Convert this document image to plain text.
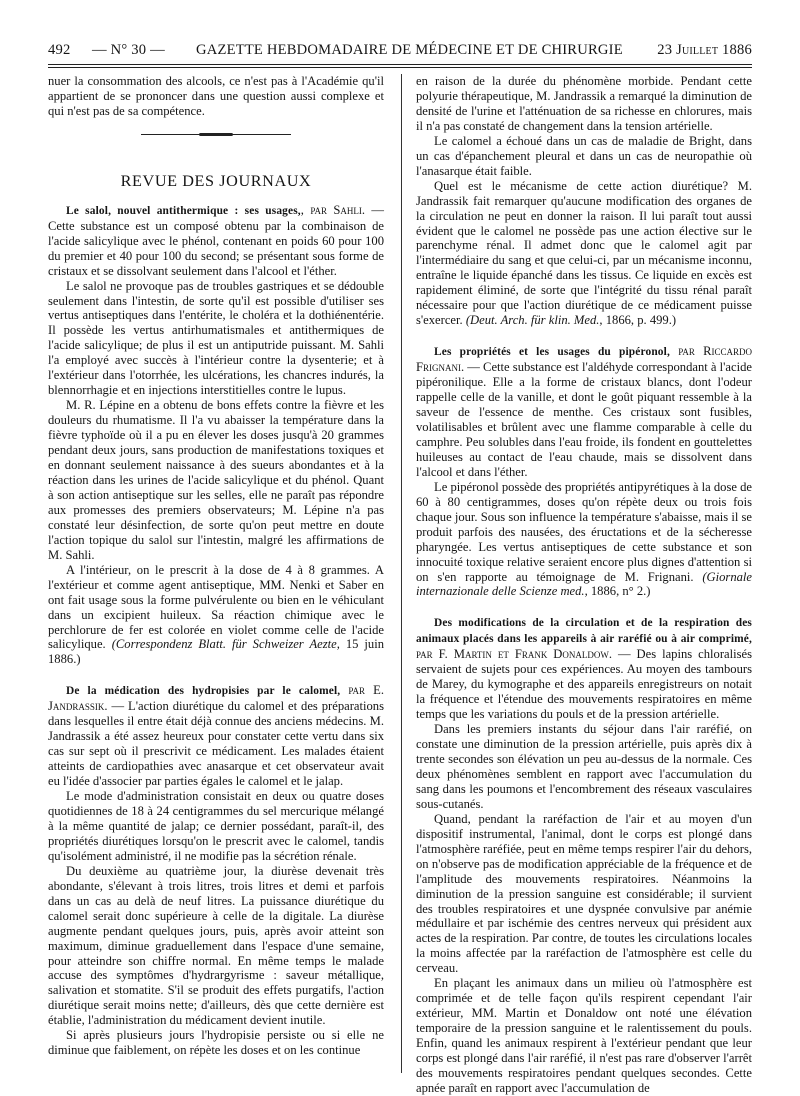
492 — N° 30 — GAZETTE HEBDOMADAIRE DE MÉDECINE ET DE CHIRURGIE 23 Juillet 1886

nuer la consommation des alcools, ce n'est pas à l'Académie qu'il appartient de se prononcer dans une question aussi complexe et qui n'est pas de sa compétence.

REVUE DES JOURNAUX

Le salol, nouvel antithermique : ses usages,, par Sahli. — Cette substance est un composé obtenu par la combinaison de l'acide salicylique avec le phénol, contenant en poids 60 pour 100 du premier et 40 pour 100 du second; se présentant sous forme de cristaux et se dissolvant seulement dans l'alcool et l'éther.

Le salol ne provoque pas de troubles gastriques et se dédouble seulement dans l'intestin, de sorte qu'il est possible d'utiliser ses vertus antiseptiques dans l'entérite, le choléra et la dothiénentérie. Il possède les vertus antirhumatismales et antithermiques de l'acide salicylique; de plus il est un antiputride puissant. M. Sahli l'a employé avec succès à l'intérieur contre la dysenterie; et à l'extérieur dans l'otorrhée, les ulcérations, les chancres indurés, la blennorrhagie et en injections interstitielles contre le lupus.

M. R. Lépine en a obtenu de bons effets contre la fièvre et les douleurs du rhumatisme. Il l'a vu abaisser la température dans la fièvre typhoïde où il a pu en élever les doses jusqu'à 20 grammes pendant deux jours, sans production de manifestations toxiques et en donnant seulement naissance à des sueurs abondantes et à la réaction dans les urines de l'acide salicylique et du phénol. Quant à son action antiseptique sur les selles, elle ne paraît pas répondre aux promesses des premiers observateurs; M. Lépine n'a pas constaté leur désinfection, de sorte qu'on peut mettre en doute l'action topique du salol sur l'intestin, malgré les affirmations de M. Sahli.

A l'intérieur, on le prescrit à la dose de 4 à 8 grammes. A l'extérieur et comme agent antiseptique, MM. Nenki et Saber en ont fait usage sous la forme pulvérulente ou bien en le véhiculant dans un excipient huileux. Sa réaction chimique avec le perchlorure de fer est colorée en violet comme celle de l'acide salicylique. (Correspondenz Blatt. für Schweizer Aezte, 15 juin 1886.)

De la médication des hydropisies par le calomel, par E. Jandrassik. — L'action diurétique du calomel et des préparations dans lesquelles il entre était déjà connue des anciens médecins. M. Jandrassik a été assez heureux pour constater cette vertu dans six cas sur sept où il prescrivit ce médicament. Les malades étaient atteints de cardiopathies avec anasarque et cet observateur avait eu l'idée d'associer par parties égales le calomel et le jalap.

Le mode d'administration consistait en deux ou quatre doses quotidiennes de 18 à 24 centigrammes du sel mercurique mélangé à la même quantité de jalap; ce dernier possédant, paraît-il, des propriétés diurétiques lorsqu'on le prescrit avec le calomel, tandis qu'isolément administré, il ne modifie pas la sécrétion rénale.

Du deuxième au quatrième jour, la diurèse devenait très abondante, s'élevant à trois litres, trois litres et demi et parfois dans un cas au delà de neuf litres. La puissance diurétique du calomel serait donc supérieure à celle de la digitale. La diurèse augmente pendant quelques jours, puis, après avoir atteint son maximum, diminue graduellement dans l'espace d'une semaine, pour atteindre son chiffre normal. En même temps le malade accuse des symptômes d'hydrargyrisme : saveur métallique, salivation et stomatite. S'il se produit des effets purgatifs, l'action diurétique serait moins nette; d'ailleurs, dès que cette dernière est établie, l'administration du médicament devient inutile.

Si après plusieurs jours l'hydropisie persiste ou si elle ne diminue que faiblement, on répète les doses et on les continue

en raison de la durée du phénomène morbide. Pendant cette polyurie thérapeutique, M. Jandrassik a remarqué la diminution de densité de l'urine et l'atténuation de sa richesse en chlorures, mais il n'a pas constaté de changement dans la tension artérielle.

Le calomel a échoué dans un cas de maladie de Bright, dans un cas d'épanchement pleural et dans un cas de neuropathie où l'anasarque était faible.

Quel est le mécanisme de cette action diurétique? M. Jandrassik fait remarquer qu'aucune modification des organes de la circulation ne peut en donner la raison. Il lui paraît tout aussi évident que le calomel ne possède pas une action élective sur le parenchyme rénal. Il admet donc que le calomel agit par l'intermédiaire du sang et que celui-ci, par un mécanisme inconnu, entraîne le liquide épanché dans les tissus. Ce liquide en excès est rapidement éliminé, de sorte que l'intégrité du tissu rénal paraît nécessaire pour que l'action diurétique de ce médicament puisse s'exercer. (Deut. Arch. für klin. Med., 1866, p. 499.)

Les propriétés et les usages du pipéronol, par Riccardo Frignani. — Cette substance est l'aldéhyde correspondant à l'acide pipéronilique. Elle a la forme de cristaux blancs, dont l'odeur rappelle celle de la vanille, et dont le goût piquant ressemble à la saveur de l'essence de menthe. Ces cristaux sont fusibles, volatilisables et brûlent avec une flamme comparable à celle du camphre. Peu solubles dans l'eau froide, ils fondent en gouttelettes huileuses au contact de l'eau chaude, mais se dissolvent dans l'alcool et dans l'éther.

Le pipéronol possède des propriétés antipyrétiques à la dose de 60 à 80 centigrammes, doses qu'on répète deux ou trois fois chaque jour. Sous son influence la température s'abaisse, mais il se produit parfois des nausées, des éructations et de la sécheresse pharyngée. Les vertus antiseptiques de cette substance et son innocuité toxique relative seraient encore plus dignes d'attention si on s'en rapporte au témoignage de M. Frignani. (Giornale internazionale delle Scienze med., 1886, n° 2.)

Des modifications de la circulation et de la respiration des animaux placés dans les appareils à air raréfié ou à air comprimé, par F. Martin et Frank Donaldow. — Des lapins chloralisés servaient de sujets pour ces expériences. Au moyen des tambours de Marey, du kymographe et des appareils enregistreurs on notait la fréquence et l'étendue des mouvements respiratoires en même temps que les variations du pouls et de la pression artérielle.

Dans les premiers instants du séjour dans l'air raréfié, on constate une diminution de la pression artérielle, puis après dix à trente secondes son élévation un peu au-dessus de la normale. Ces deux phénomènes semblent en rapport avec l'accumulation du sang dans les poumons et l'encombrement des réseaux vasculaires sous-cutanés.

Quand, pendant la raréfaction de l'air et au moyen d'un dispositif instrumental, l'animal, dont le corps est plongé dans l'atmosphère raréfiée, peut en même temps respirer l'air du dehors, on n'observe pas de modification appréciable de la fréquence et de l'amplitude des mouvements respiratoires. Néanmoins la diminution de la pression sanguine est considérable; il survient des troubles respiratoires et une dyspnée convulsive par anémie médullaire et par ischémie des centres nerveux qui président aux actes de la respiration. Par contre, de toutes les circulations locales la moins affectée par la raréfaction de l'atmosphère est celle du cerveau.

En plaçant les animaux dans un milieu où l'atmosphère est comprimée et de telle façon qu'ils respirent cependant l'air extérieur, MM. Martin et Donaldow ont noté une élévation temporaire de la pression sanguine et le ralentissement du pouls. Enfin, quand les animaux respirent à l'extérieur pendant que leur corps est plongé dans l'air raréfié, il n'est pas rare d'observer l'arrêt des mouvements respiratoires pendant quelques secondes. Cette apnée paraît en rapport avec l'accumulation de
